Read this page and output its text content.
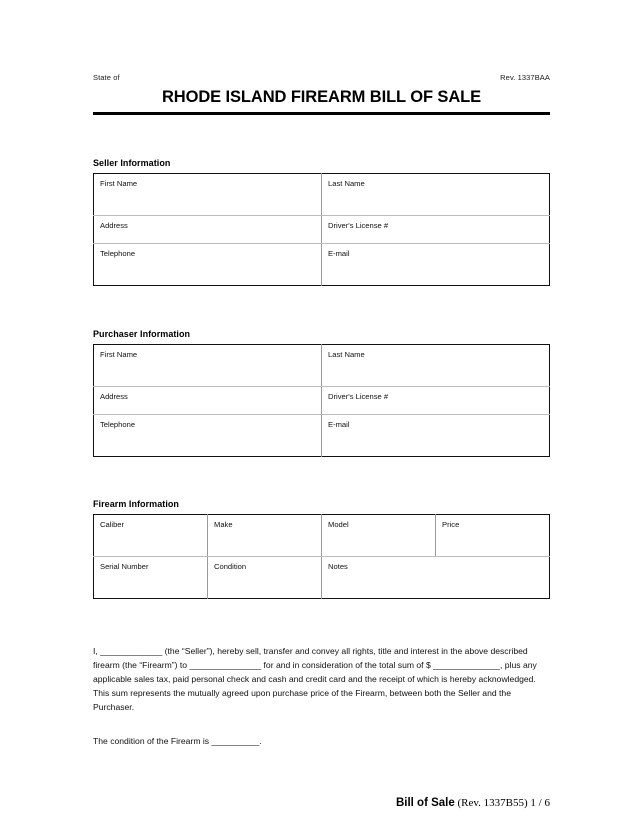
State of	Rev. 1337BAA
RHODE ISLAND FIREARM BILL OF SALE
Seller Information
First Name	Last Name
Address	Driver's License #
Telephone	E-mail
Purchaser Information
First Name	Last Name
Address	Driver's License #
Telephone	E-mail
Firearm Information
Caliber	Make	Model	Price
Serial Number	Condition	Notes	
I, _____________ (the “Seller”), hereby sell, transfer and convey all rights, title and interest in the above described firearm (the “Firearm”) to _______________ for and in consideration of the total sum of $ ______________, plus any applicable sales tax, paid personal check and cash and credit card and the receipt of which is hereby acknowledged. This sum represents the mutually agreed upon purchase price of the Firearm, between both the Seller and the Purchaser.
The condition of the Firearm is __________.
Bill of Sale (Rev. 1337B55) 1 / 6
